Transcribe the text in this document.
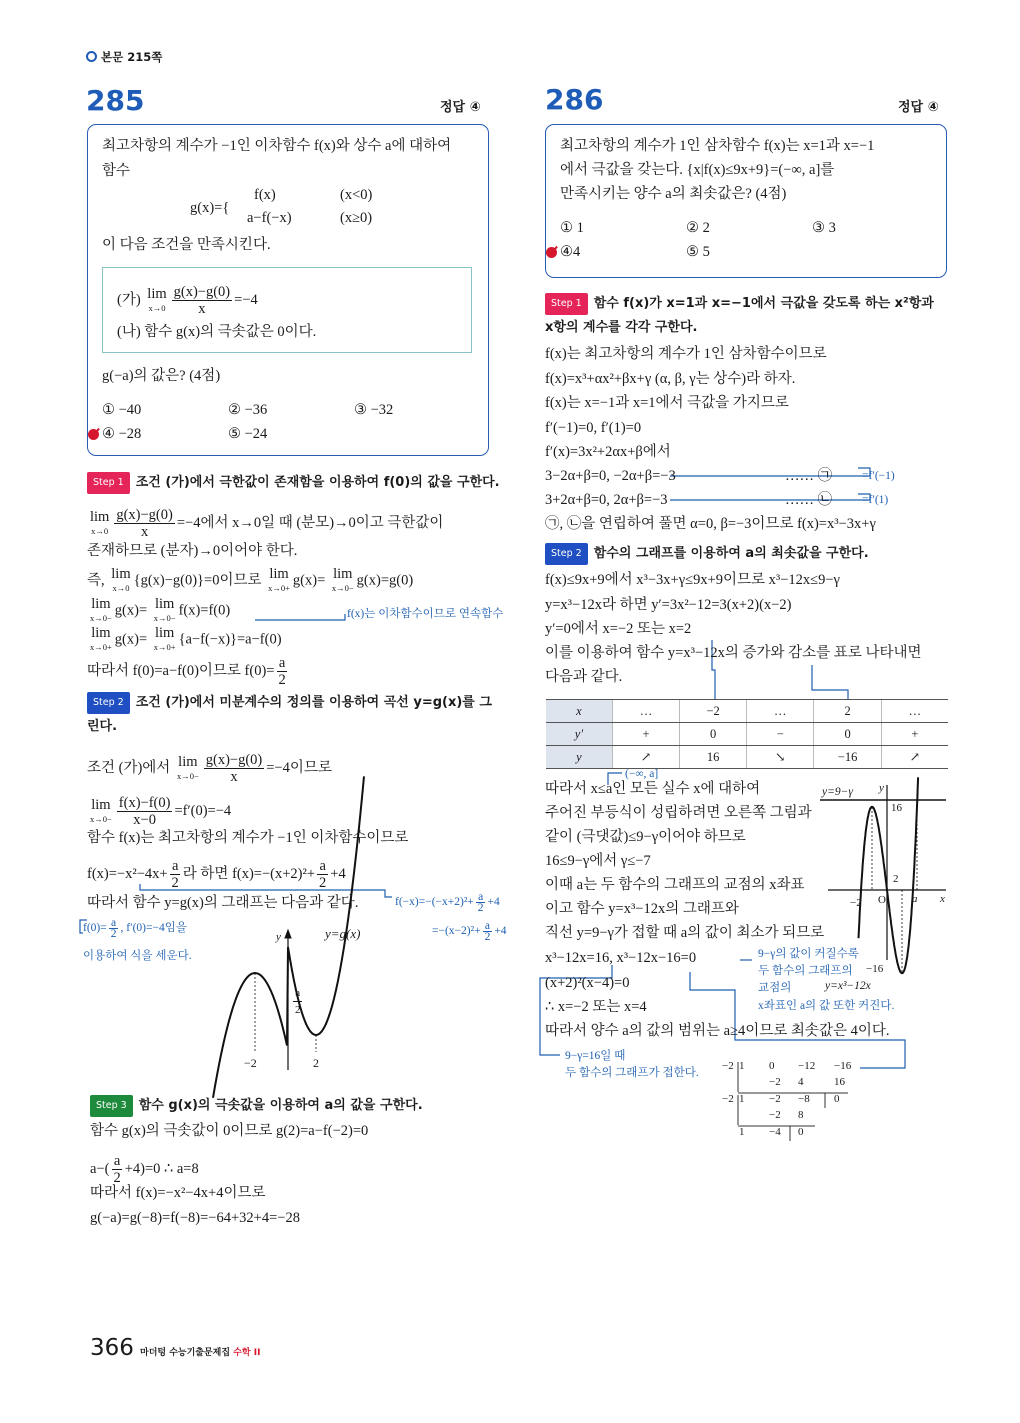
본문 215쪽
285	정답 ④
최고차항의 계수가 −1인 이차함수 f(x)와 상수 a에 대하여
함수
g(x)={
f(x)	(x<0)
a−f(−x)	(x≥0)
이 다음 조건을 만족시킨다.
(가) lim
$x\to 0 \frac{g(x)-g(0)}{x} =-4$
(나) 함수 g(x)의 극솟값은 0이다.
g(−a)의 값은? (4점)
① −40	② −36	③ −32
④ −28	⑤ −24
Step 1 조건 (가)에서 극한값이 존재함을 이용하여 f(0)의 값을 구한다.
lim
$x\to 0 \frac{g(x)-g(0)}{x} =-4$에서 x→0일 때 (분모)→0이고 극한값이
존재하므로 (분자)→0이어야 한다.
즉, lim
x→0 {g(x)−g(0)}=0이므로 lim
x→0+ g(x)= lim
x→0− g(x)=g(0)
lim
x→0− g(x)= lim
x→0− f(x)=f(0)	f(x)는 이차함수이므로 연속함수
lim
x→0+ g(x)= lim
x→0+ {a−f(−x)}=a−f(0)
따라서 f(0)=a−f(0)이므로 $f(0)= \frac{a}{2}$
Step 2 조건 (가)에서 미분계수의 정의를 이용하여 곡선 y=g(x)를 그
린다.
조건 (가)에서 lim
$x\to 0- \frac{g(x)-g(0)}{x} =-4$이므로
lim
$x\to 0- \frac{f(x)-f(0)}{x-0} =f'(0)=-4$
함수 f(x)는 최고차항의 계수가 −1인 이차함수이므로
$f(x)=-x^2-4x+ \frac{a}{2}$ 라 하면 $f(x)=-(x+2)^2+ \frac{a}{2} +4$
따라서 함수 y=g(x)의 그래프는 다음과 같다.	$f(-x)=-(-x+2)^2+ \frac{a}{2} +4$
$=-(x-2)^2+ \frac{a}{2} +4$
$f(0)= \frac{a}{2}$ , f′(0)=−4임을
이용하여 식을 세운다.
y	y=g(x)
$\frac{a}{2}$
−2	2
Step 3 함수 g(x)의 극솟값을 이용하여 a의 값을 구한다.
함수 g(x)의 극솟값이 0이므로 g(2)=a−f(−2)=0
$a-( \frac{a}{2} +4)=0$ ∴ a=8
따라서 f(x)=−x²−4x+4이므로
g(−a)=g(−8)=f(−8)=−64+32+4=−28
286	정답 ④
최고차항의 계수가 1인 삼차함수 f(x)는 x=1과 x=−1
에서 극값을 갖는다. {x|f(x)≤9x+9}=(−∞, a]를
만족시키는 양수 a의 최솟값은? (4점)
① 1	② 2	③ 3
④4	⑤ 5
Step 1 함수 f(x)가 x=1과 x=−1에서 극값을 갖도록 하는 x²항과
x항의 계수를 각각 구한다.
f(x)는 최고차항의 계수가 1인 삼차함수이므로
f(x)=x³+αx²+βx+γ (α, β, γ는 상수)라 하자.
f(x)는 x=−1과 x=1에서 극값을 가지므로
f′(−1)=0, f′(1)=0
f′(x)=3x²+2αx+β에서
3−2α+β=0, −2α+β=−3	…… ㉠	=f′(−1)
3+2α+β=0, 2α+β=−3	…… ㉡	=f′(1)
㉠, ㉡을 연립하여 풀면 α=0, β=−3이므로 f(x)=x³−3x+γ
Step 2 함수의 그래프를 이용하여 a의 최솟값을 구한다.
f(x)≤9x+9에서 x³−3x+γ≤9x+9이므로 x³−12x≤9−γ
y=x³−12x라 하면 y′=3x²−12=3(x+2)(x−2)
y′=0에서 x=−2 또는 x=2
이를 이용하여 함수 y=x³−12x의 증가와 감소를 표로 나타내면
다음과 같다.
x	…	−2	…	2	…
y′	+	0	−	0	+
y	↗	16	↘	−16	↗
(−∞, a]
따라서 x≤a인 모든 실수 x에 대하여
주어진 부등식이 성립하려면 오른쪽 그림과
같이 (극댓값)≤9−γ이어야 하므로
16≤9−γ에서 γ≤−7
이때 a는 두 함수의 그래프의 교점의 x좌표
이고 함수 y=x³−12x의 그래프와
직선 y=9−γ가 접할 때 a의 값이 최소가 되므로
x³−12x=16, x³−12x−16=0
(x+2)²(x−4)=0
∴ x=−2 또는 x=4
따라서 양수 a의 값의 범위는 a≥4이므로 최솟값은 4이다.
9−γ의 값이 커질수록
두 함수의 그래프의
교점의
x좌표인 a의 값 또한 커진다.
9−γ=16일 때
두 함수의 그래프가 접한다.
y=9−γ y
16
2
−2 O a x
−16
y=x³−12x
−2 1 0 −12 −16
−2 4	16
−2 1 −2 −8 0
−2 8
1 −4 0
366 마더텅 수능기출문제집 수학 II
